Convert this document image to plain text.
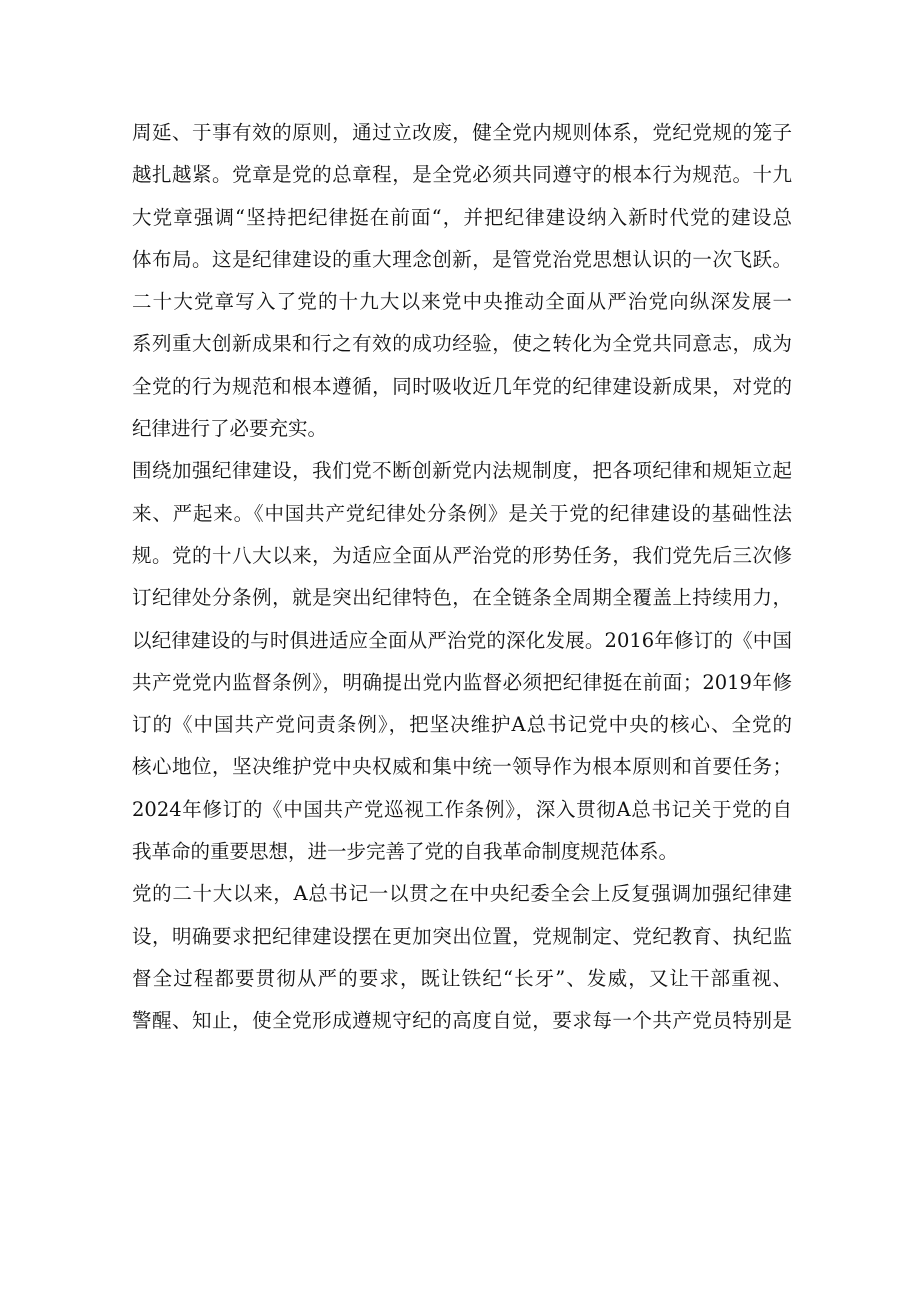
周延、于事有效的原则，通过立改废，健全党内规则体系，党纪党规的笼子
越扎越紧。党章是党的总章程，是全党必须共同遵守的根本行为规范。十九
大党章强调“坚持把纪律挺在前面“，并把纪律建设纳入新时代党的建设总
体布局。这是纪律建设的重大理念创新，是管党治党思想认识的一次飞跃。
二十大党章写入了党的十九大以来党中央推动全面从严治党向纵深发展一
系列重大创新成果和行之有效的成功经验，使之转化为全党共同意志，成为
全党的行为规范和根本遵循，同时吸收近几年党的纪律建设新成果，对党的
纪律进行了必要充实。
围绕加强纪律建设，我们党不断创新党内法规制度，把各项纪律和规矩立起
来、严起来。《中国共产党纪律处分条例》是关于党的纪律建设的基础性法
规。党的十八大以来，为适应全面从严治党的形势任务，我们党先后三次修
订纪律处分条例，就是突出纪律特色，在全链条全周期全覆盖上持续用力，
以纪律建设的与时俱进适应全面从严治党的深化发展。2016年修订的《中国
共产党党内监督条例》，明确提出党内监督必须把纪律挺在前面；2019年修
订的《中国共产党问责条例》，把坚决维护A总书记党中央的核心、全党的
核心地位，坚决维护党中央权威和集中统一领导作为根本原则和首要任务；
2024年修订的《中国共产党巡视工作条例》，深入贯彻A总书记关于党的自
我革命的重要思想，进一步完善了党的自我革命制度规范体系。
党的二十大以来，A总书记一以贯之在中央纪委全会上反复强调加强纪律建
设，明确要求把纪律建设摆在更加突出位置，党规制定、党纪教育、执纪监
督全过程都要贯彻从严的要求，既让铁纪“长牙”、发威，又让干部重视、
警醒、知止，使全党形成遵规守纪的高度自觉，要求每一个共产党员特别是
